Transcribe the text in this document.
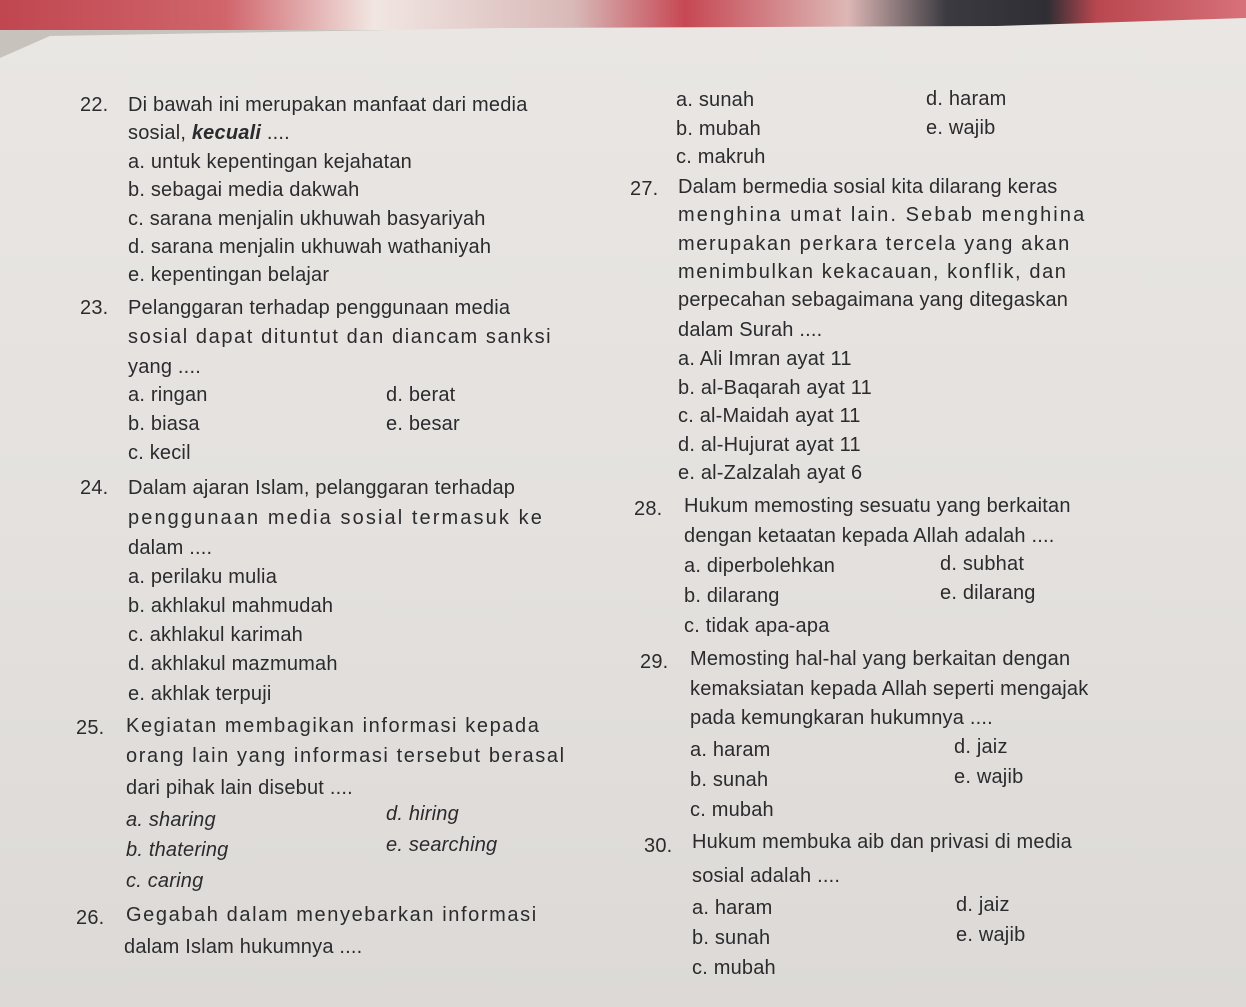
22. Di bawah ini merupakan manfaat dari media
sosial, kecuali ....
a. untuk kepentingan kejahatan
b. sebagai media dakwah
c. sarana menjalin ukhuwah basyariyah
d. sarana menjalin ukhuwah wathaniyah
e. kepentingan belajar
23. Pelanggaran terhadap penggunaan media
sosial dapat dituntut dan diancam sanksi
yang ....
a. ringan
b. biasa
c. kecil
d. berat
e. besar
24. Dalam ajaran Islam, pelanggaran terhadap
penggunaan media sosial termasuk ke
dalam ....
a. perilaku mulia
b. akhlakul mahmudah
c. akhlakul karimah
d. akhlakul mazmumah
e. akhlak terpuji
25. Kegiatan membagikan informasi kepada
orang lain yang informasi tersebut berasal
dari pihak lain disebut ....
a. sharing
b. thatering
c. caring
d. hiring
e. searching
26. Gegabah dalam menyebarkan informasi
dalam Islam hukumnya ....
a. sunah
b. mubah
c. makruh
d. haram
e. wajib
27. Dalam bermedia sosial kita dilarang keras
menghina umat lain. Sebab menghina
merupakan perkara tercela yang akan
menimbulkan kekacauan, konflik, dan
perpecahan sebagaimana yang ditegaskan
dalam Surah ....
a. Ali Imran ayat 11
b. al-Baqarah ayat 11
c. al-Maidah ayat 11
d. al-Hujurat ayat 11
e. al-Zalzalah ayat 6
28. Hukum memosting sesuatu yang berkaitan
dengan ketaatan kepada Allah adalah ....
a. diperbolehkan
b. dilarang
c. tidak apa-apa
d. subhat
e. dilarang
29. Memosting hal-hal yang berkaitan dengan
kemaksiatan kepada Allah seperti mengajak
pada kemungkaran hukumnya ....
a. haram
b. sunah
c. mubah
d. jaiz
e. wajib
30. Hukum membuka aib dan privasi di media
sosial adalah ....
a. haram
b. sunah
c. mubah
d. jaiz
e. wajib
